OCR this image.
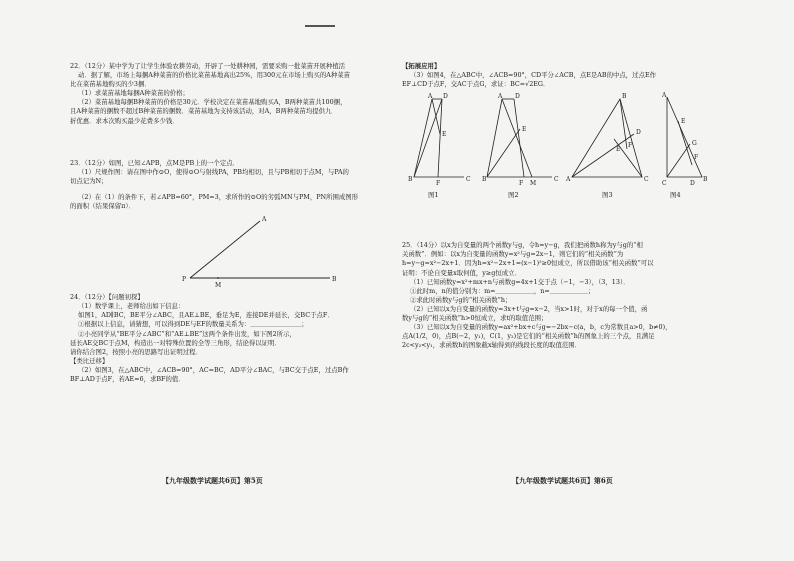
22．（12分）某中学为了让学生体验农耕劳动，开辟了一处耕种园，需要采购一批菜苗开展种植活

动．据了解，市场上每捆A种菜苗的价格比菜苗基地高出25%，用300元在市场上购买的A种菜苗

比在菜苗基地购买的少3捆．

（1）求菜苗基地每捆A种菜苗的价格；

（2）菜苗基地每捆B种菜苗的价格是30元．学校决定在菜苗基地购买A，B两种菜苗共100捆，

且A种菜苗的捆数不超过B种菜苗的捆数．菜苗基地为支持该活动，对A，B两种菜苗均提供九

折优惠．求本次购买最少花费多少钱．

23．（12分）如图，已知∠APB，点M是PB上的一个定点．

（1）尺规作图：请在图中作⊙O，使得⊙O与射线PA，PB均相切，且与PB相切于点M，与PA的

切点记为N；

（2）在（1）的条件下，若∠APB=60°，PM=3，求所作的⊙O的劣弧MN与PM，PN所围成图形

的面积（结果保留π）．

A
P
M
B

24．（12分）【问题初探】

（1）数学课上，老师给出如下信息：

如图1，AD∥BC，BE平分∠ABC，且AE⊥BE，垂足为E，连接DE并延长，交BC于点F．

①根据以上信息，请猜想，可以得到DE与EF的数量关系为：＿＿＿＿＿＿＿＿；

②小亮同学从“BE平分∠ABC”和“AE⊥BE”这两个条件出发，如下图2所示，

延长AE交BC于点M，构造出一对特殊位置的全等三角形，结论得以证明．

请你结合图2，按照小亮的思路写出证明过程．

【类比迁移】

（2）如图3，在△ABC中，∠ACB=90°，AC=BC，AD平分∠BAC，与BC交于点E，过点B作

BF⊥AD于点F，若AE=6，求BF的值．

【九年级数学试题共6页】第5页

【拓展应用】

（3）如图4，在△ABC中，∠ACB=90°，CD平分∠ACB，点E是AB的中点，过点E作

EF⊥CD于点F，交AC于点G，求证：BC=√2EG．

A D
E
B
F
C
图1
A D
E
B
F M
C
图2
B
D
F
E
A	C
图3
A
E
G
F
C	D
B
图4

25．（14分）以x为自变量的两个函数y与g，令h=y−g，我们把函数h称为y与g的“相

关函数”．例如：以x为自变量的函数y=x²与g=2x−1，则它们的“相关函数”为

h=y−g=x²−2x+1．因为h=x²−2x+1=(x−1)²≥0恒成立，所以借助该“相关函数”可以

证明：不论自变量x取何值，y≥g恒成立．

（1）已知函数y=x²+mx+n与函数g=4x+1交于点（−1，−3），（3，13）．

①此时m，n的值分别为：m=＿＿＿＿＿＿，n=＿＿＿＿＿＿；

②求此时函数y与g的“相关函数”h；

（2）已知以x为自变量的函数y=3x+t与g=x−2，当x>1时，对于x的每一个值，函

数y与g的“相关函数”h>0恒成立，求t的取值范围；

（3）已知以x为自变量的函数y=ax²+bx+c与g=−2bx−c(a，b，c为常数且a>0，b≠0)，

点A(1/2，0)，点B(−2，y₁)，C(1，y₂)是它们的“相关函数”h的图象上的三个点，且满足

2c<y₂<y₁，求函数h的图象截x轴得到的线段长度的取值范围．

【九年级数学试题共6页】第6页
